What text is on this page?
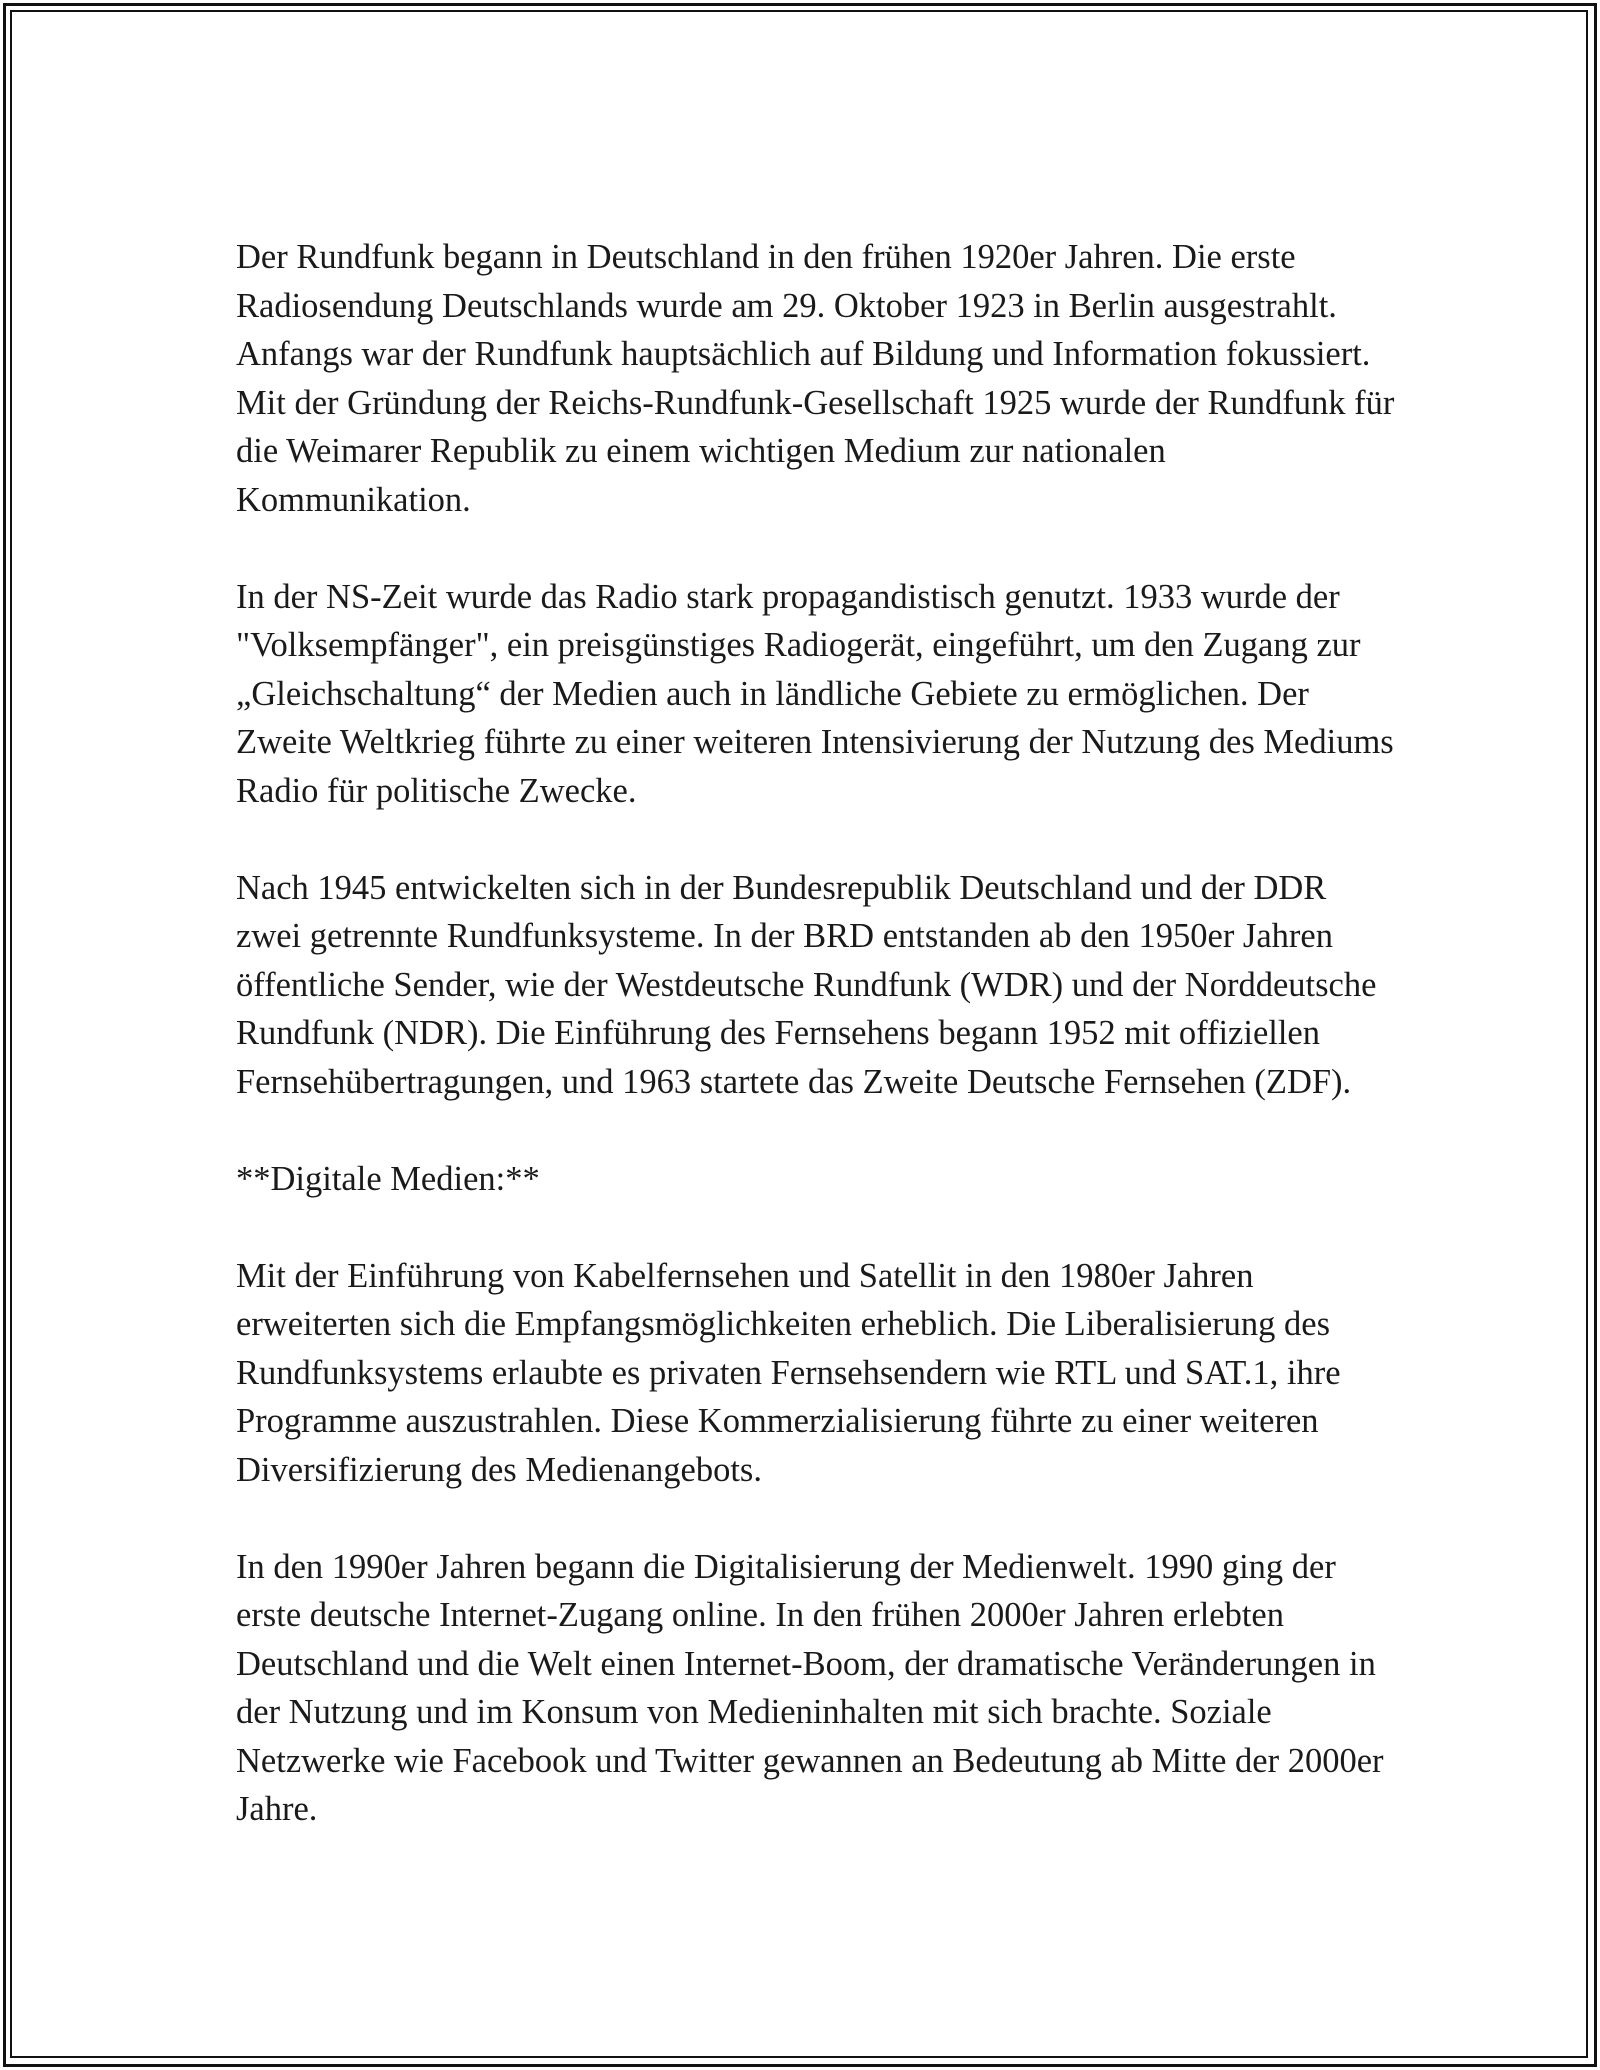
Der Rundfunk begann in Deutschland in den frühen 1920er Jahren. Die erste Radiosendung Deutschlands wurde am 29. Oktober 1923 in Berlin ausgestrahlt. Anfangs war der Rundfunk hauptsächlich auf Bildung und Information fokussiert. Mit der Gründung der Reichs-Rundfunk-Gesellschaft 1925 wurde der Rundfunk für die Weimarer Republik zu einem wichtigen Medium zur nationalen Kommunikation.

In der NS-Zeit wurde das Radio stark propagandistisch genutzt. 1933 wurde der "Volksempfänger", ein preisgünstiges Radiogerät, eingeführt, um den Zugang zur „Gleichschaltung“ der Medien auch in ländliche Gebiete zu ermöglichen. Der Zweite Weltkrieg führte zu einer weiteren Intensivierung der Nutzung des Mediums Radio für politische Zwecke.

Nach 1945 entwickelten sich in der Bundesrepublik Deutschland und der DDR zwei getrennte Rundfunksysteme. In der BRD entstanden ab den 1950er Jahren öffentliche Sender, wie der Westdeutsche Rundfunk (WDR) und der Norddeutsche Rundfunk (NDR). Die Einführung des Fernsehens begann 1952 mit offiziellen Fernsehübertragungen, und 1963 startete das Zweite Deutsche Fernsehen (ZDF).

**Digitale Medien:**

Mit der Einführung von Kabelfernsehen und Satellit in den 1980er Jahren erweiterten sich die Empfangsmöglichkeiten erheblich. Die Liberalisierung des Rundfunksystems erlaubte es privaten Fernsehsendern wie RTL und SAT.1, ihre Programme auszustrahlen. Diese Kommerzialisierung führte zu einer weiteren Diversifizierung des Medienangebots.

In den 1990er Jahren begann die Digitalisierung der Medienwelt. 1990 ging der erste deutsche Internet-Zugang online. In den frühen 2000er Jahren erlebten Deutschland und die Welt einen Internet-Boom, der dramatische Veränderungen in der Nutzung und im Konsum von Medieninhalten mit sich brachte. Soziale Netzwerke wie Facebook und Twitter gewannen an Bedeutung ab Mitte der 2000er Jahre.
